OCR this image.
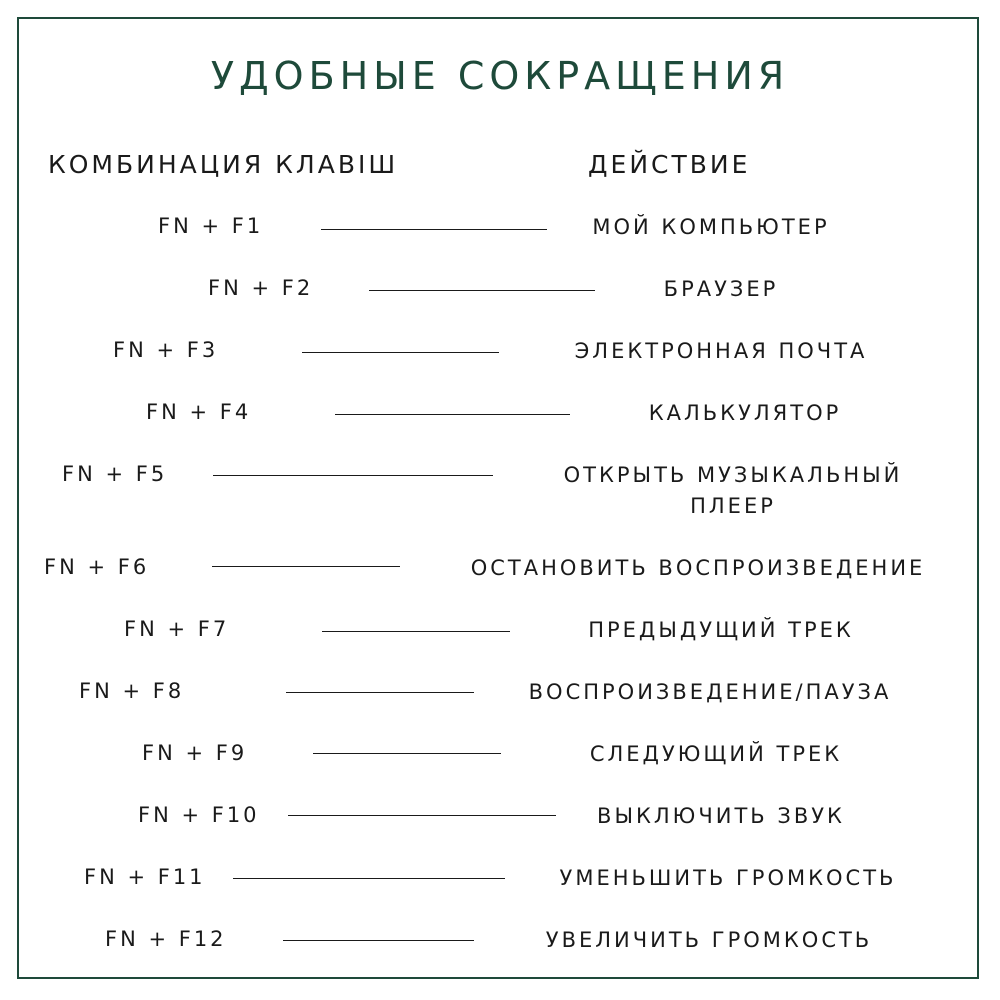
УДОБНЫЕ СОКРАЩЕНИЯ
КОМБИНАЦИЯ КЛАВІШ	ДЕЙСТВИЕ
FN + F1	МОЙ КОМПЬЮТЕР
FN + F2	БРАУЗЕР
FN + F3	ЭЛЕКТРОННАЯ ПОЧТА
FN + F4	КАЛЬКУЛЯТОР
FN + F5	ОТКРЫТЬ МУЗЫКАЛЬНЫЙ
ПЛЕЕР
FN + F6	ОСТАНОВИТЬ ВОСПРОИЗВЕДЕНИЕ
FN + F7	ПРЕДЫДУЩИЙ ТРЕК
FN + F8	ВОСПРОИЗВЕДЕНИЕ/ПАУЗА
FN + F9	СЛЕДУЮЩИЙ ТРЕК
FN + F10	ВЫКЛЮЧИТЬ ЗВУК
FN + F11	УМЕНЬШИТЬ ГРОМКОСТЬ
FN + F12	УВЕЛИЧИТЬ ГРОМКОСТЬ
